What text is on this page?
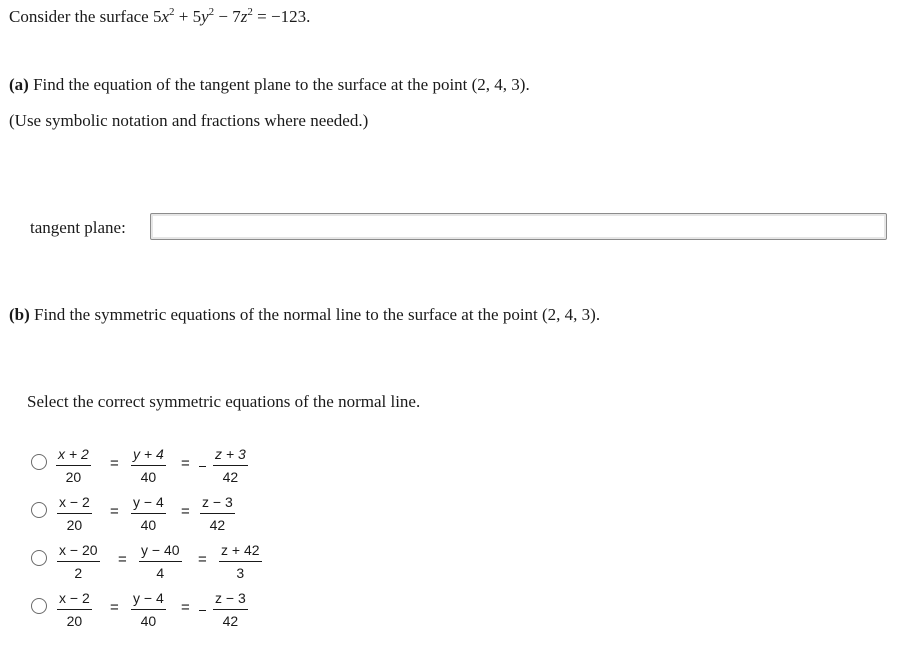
Consider the surface $5x^2 + 5y^2 - 7z^2 = -123$.
(a) Find the equation of the tangent plane to the surface at the point (2, 4, 3).
(Use symbolic notation and fractions where needed.)
tangent plane:
(b) Find the symmetric equations of the normal line to the surface at the point (2, 4, 3).
Select the correct symmetric equations of the normal line.
x + 2
20
=
y + 4
40
=
z + 3
42
x − 2
20
=
y − 4
40
=
z − 3
42
x − 20
2
=
y − 40
4
=
z + 42
3
x − 2
20
=
y − 4
40
=
z − 3
42
